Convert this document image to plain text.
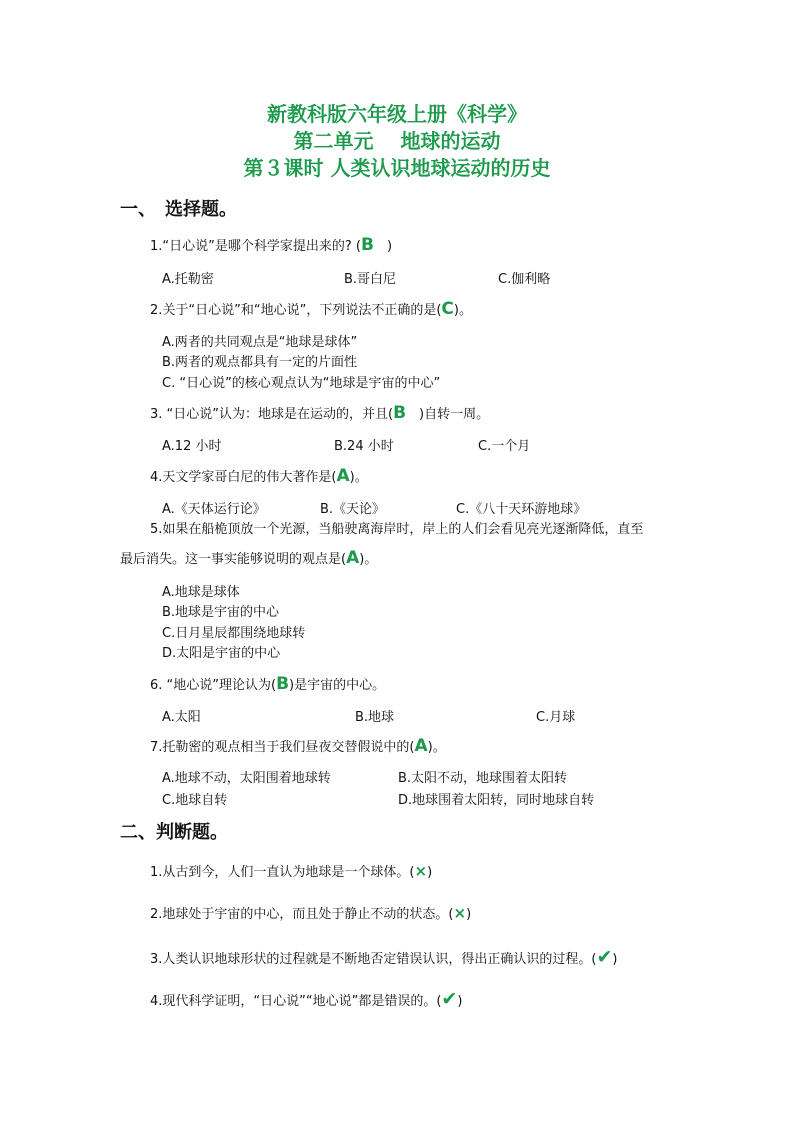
新教科版六年级上册《科学》
第二单元　 地球的运动
第３课时 人类认识地球运动的历史
一、　选择题。
1.“日心说”是哪个科学家提出来的? (B　)
A.托勒密	B.哥白尼	C.伽利略
2.关于“日心说”和“地心说”，下列说法不正确的是(C)。
A.两者的共同观点是“地球是球体”
B.两者的观点都具有一定的片面性
C. “日心说”的核心观点认为“地球是宇宙的中心”
3. “日心说”认为：地球是在运动的，并且(B　)自转一周。
A.12 小时	B.24 小时	C.一个月
4.天文学家哥白尼的伟大著作是(A)。
A.《天体运行论》	B.《天论》	C.《八十天环游地球》
5.如果在船桅顶放一个光源，当船驶离海岸时，岸上的人们会看见亮光逐渐降低，直至
最后消失。这一事实能够说明的观点是(A)。
A.地球是球体
B.地球是宇宙的中心
C.日月星辰都围绕地球转
D.太阳是宇宙的中心
6. “地心说”理论认为(B)是宇宙的中心。
A.太阳	B.地球	C.月球
7.托勒密的观点相当于我们昼夜交替假说中的(A)。
A.地球不动，太阳围着地球转	B.太阳不动，地球围着太阳转
C.地球自转	D.地球围着太阳转，同时地球自转
二、判断题。
1.从古到今，人们一直认为地球是一个球体。(×)
2.地球处于宇宙的中心，而且处于静止不动的状态。(×)
3.人类认识地球形状的过程就是不断地否定错误认识，得出正确认识的过程。(✔)
4.现代科学证明，“日心说”“地心说”都是错误的。(✔)
